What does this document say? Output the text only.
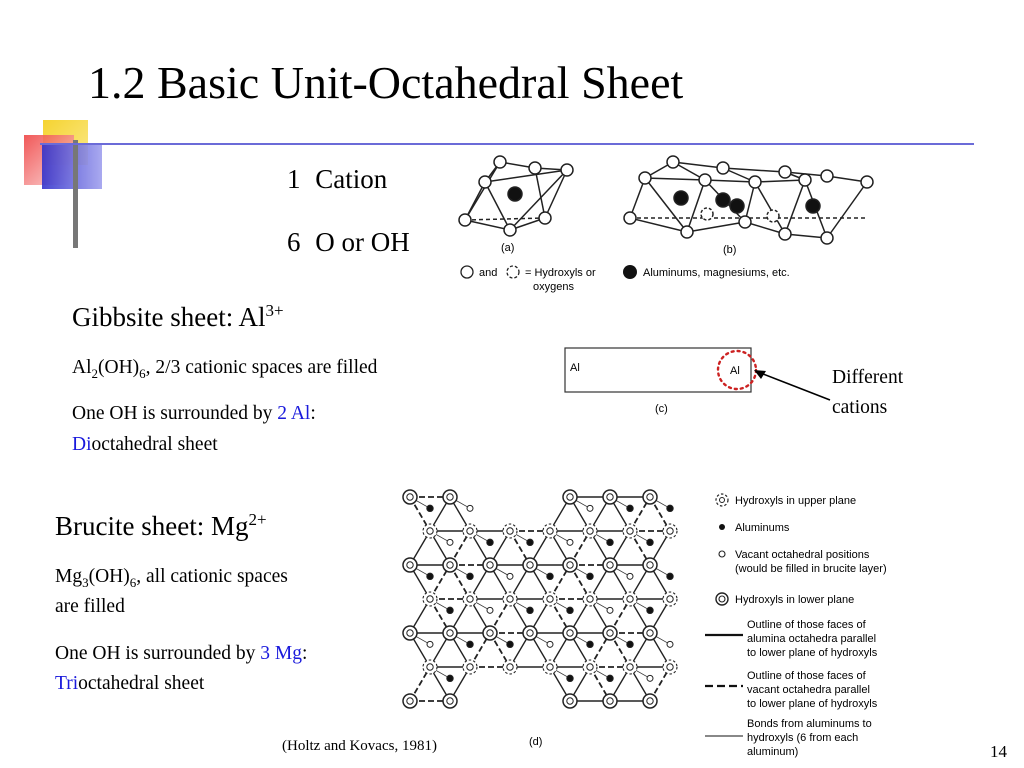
1.2 Basic Unit-Octahedral Sheet
1 Cation
6 O or OH	(a)	(b)
and	= Hydroxyls or
oxygens
Aluminums, magnesiums, etc.
Gibbsite sheet: $Al^{3+}$
$Al_2(OH)_6$, 2/3 cationic spaces are filled
One OH is surrounded by 2 Al:
Dioctahedral sheet
Al	Al
(c)
Different
cations
Brucite sheet: $Mg^{2+}$
$Mg_3(OH)_6$, all cationic spaces
are filled
One OH is surrounded by 3 Mg:
Trioctahedral sheet
(d)
Hydroxyls in upper plane
Aluminums
Vacant octahedral positions
(would be filled in brucite layer)
Hydroxyls in lower plane
Outline of those faces of
alumina octahedra parallel
to lower plane of hydroxyls
Outline of those faces of
vacant octahedra parallel
to lower plane of hydroxyls
Bonds from aluminums to
hydroxyls (6 from each
aluminum)
(Holtz and Kovacs, 1981)	14
